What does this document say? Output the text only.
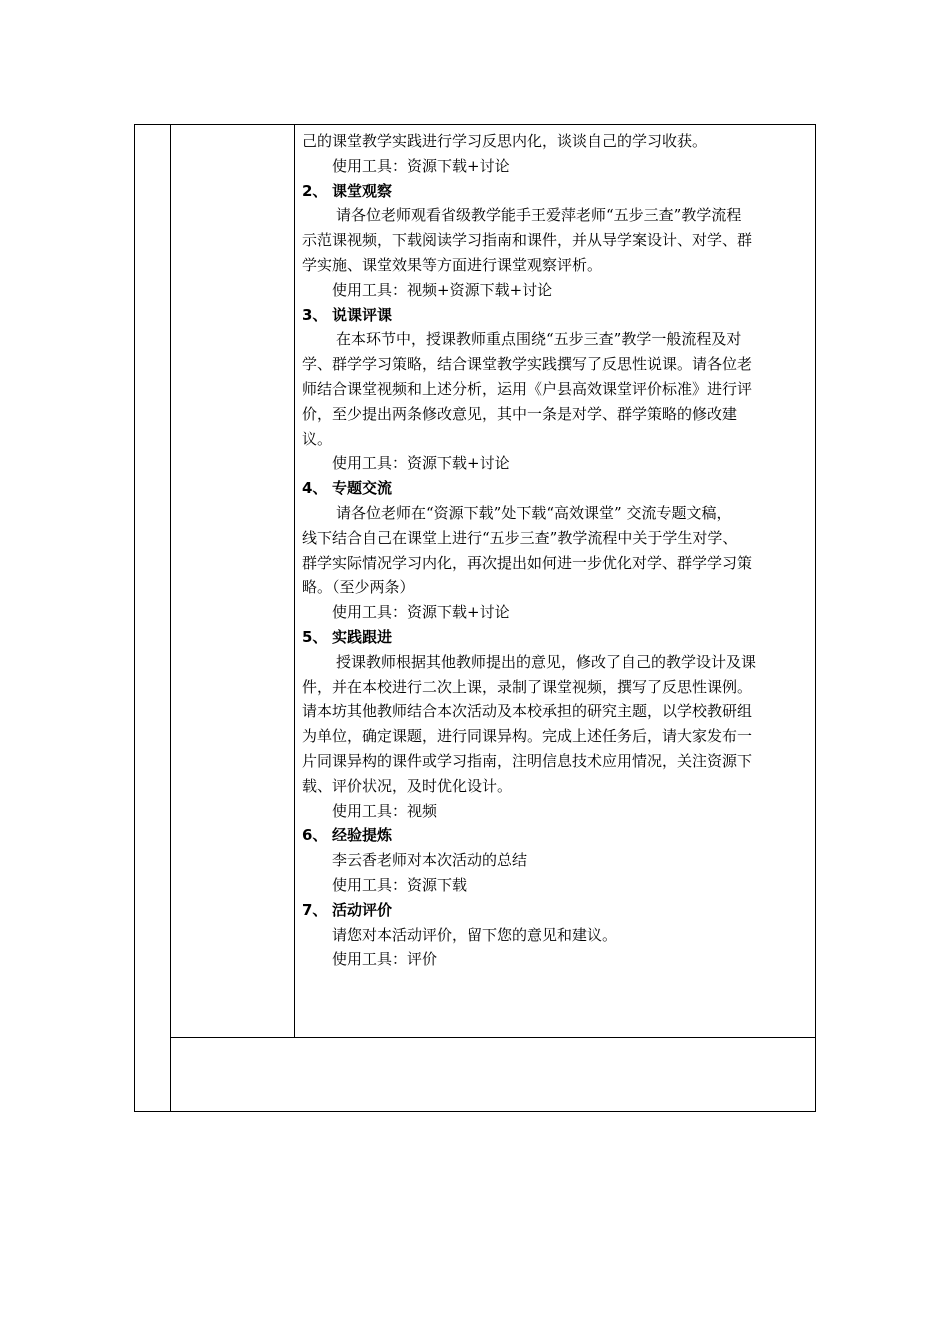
己的课堂教学实践进行学习反思内化，谈谈自己的学习收获。
使用工具：资源下载+讨论
2、 课堂观察
请各位老师观看省级教学能手王爱萍老师“五步三查”教学流程
示范课视频，下载阅读学习指南和课件，并从导学案设计、对学、群
学实施、课堂效果等方面进行课堂观察评析。
使用工具：视频+资源下载+讨论
3、 说课评课
在本环节中，授课教师重点围绕“五步三查”教学一般流程及对
学、群学学习策略，结合课堂教学实践撰写了反思性说课。请各位老
师结合课堂视频和上述分析，运用《户县高效课堂评价标准》进行评
价，至少提出两条修改意见，其中一条是对学、群学策略的修改建
议。
使用工具：资源下载+讨论
4、 专题交流
请各位老师在“资源下载”处下载“高效课堂” 交流专题文稿，
线下结合自己在课堂上进行“五步三查”教学流程中关于学生对学、
群学实际情况学习内化，再次提出如何进一步优化对学、群学学习策
略。（至少两条）
使用工具：资源下载+讨论
5、 实践跟进
授课教师根据其他教师提出的意见，修改了自己的教学设计及课
件，并在本校进行二次上课，录制了课堂视频，撰写了反思性课例。
请本坊其他教师结合本次活动及本校承担的研究主题，以学校教研组
为单位，确定课题，进行同课异构。完成上述任务后，请大家发布一
片同课异构的课件或学习指南，注明信息技术应用情况，关注资源下
载、评价状况，及时优化设计。
使用工具：视频
6、 经验提炼
李云香老师对本次活动的总结
使用工具：资源下载
7、 活动评价
请您对本活动评价，留下您的意见和建议。
使用工具：评价
